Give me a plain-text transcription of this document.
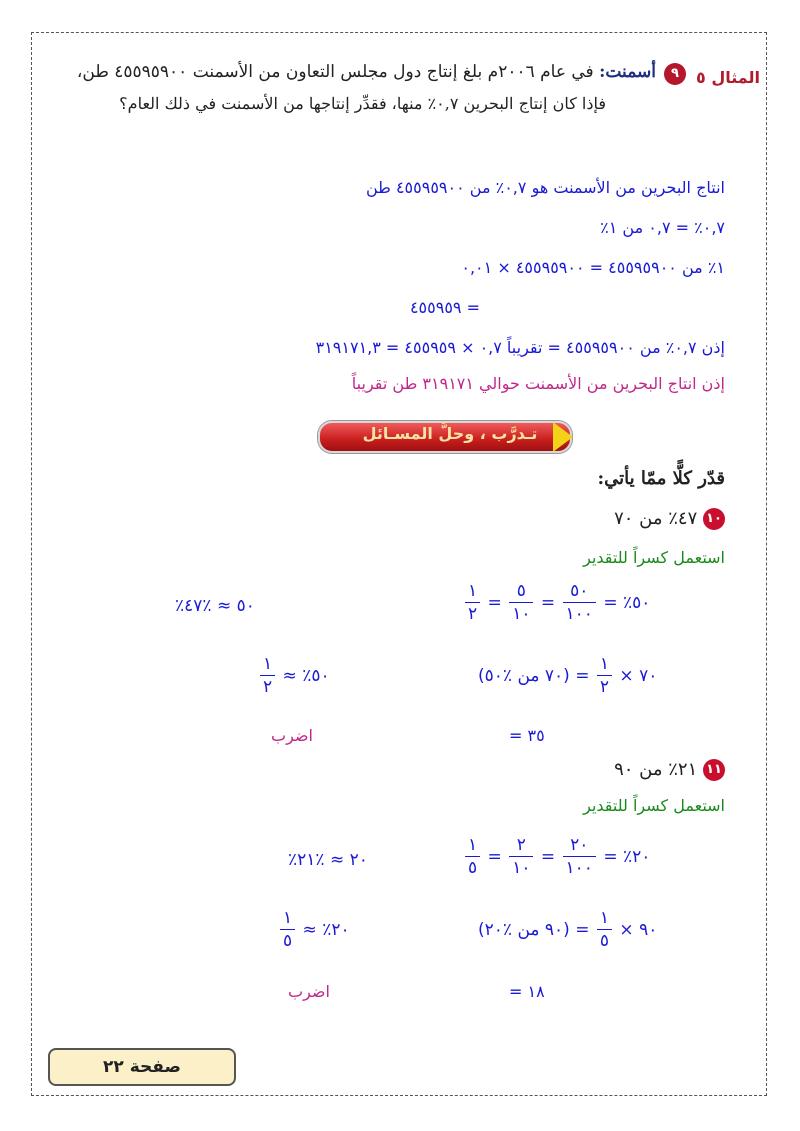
المثال ٥
٩
أسمنت: في عام ٢٠٠٦م بلغ إنتاج دول مجلس التعاون من الأسمنت ٤٥٥٩٥٩٠٠ طن،
فإذا كان إنتاج البحرين ٠,٧٪ منها، فقدِّر إنتاجها من الأسمنت في ذلك العام؟
انتاج البحرين من الأسمنت هو ٠,٧٪ من ٤٥٥٩٥٩٠٠ طن
٠,٧٪ = ٠,٧ من ١٪
١٪ من ٤٥٥٩٥٩٠٠ = ٤٥٥٩٥٩٠٠ × ٠,٠١
= ٤٥٥٩٥٩
إذن ٠,٧٪ من ٤٥٥٩٥٩٠٠ = تقريباً ٠,٧ × ٤٥٥٩٥٩ = ٣١٩١٧١,٣
إذن انتاج البحرين من الأسمنت حوالي ٣١٩١٧١ طن تقريباً
تـدرَّب ، وحلَّ المسـائل
قدّر كلًّا ممّا يأتي:
١٠ ٤٧٪ من ٧٠
استعمل كسراً للتقدير
٪٥٠ ≈ ٪٤٧	$\frac{١}{٢} = \frac{٥}{١٠} = \frac{٥٠}{١٠٠}$ = ٪٥٠
$\frac{١}{٢}$ ≈ ٪٥٠	٧٠ ×
$\frac{١}{٢}$
= (٧٠ من ٪٥٠)
اضرب	= ٣٥
١١ ٢١٪ من ٩٠
استعمل كسراً للتقدير
٪٢٠ ≈ ٪٢١	$\frac{١}{٥} = \frac{٢}{١٠} = \frac{٢٠}{١٠٠}$ = ٪٢٠
$\frac{١}{٥}$ ≈ ٪٢٠	٩٠ ×
$\frac{١}{٥}$
= (٩٠ من ٪٢٠)
اضرب	= ١٨
صفحة ٢٢
